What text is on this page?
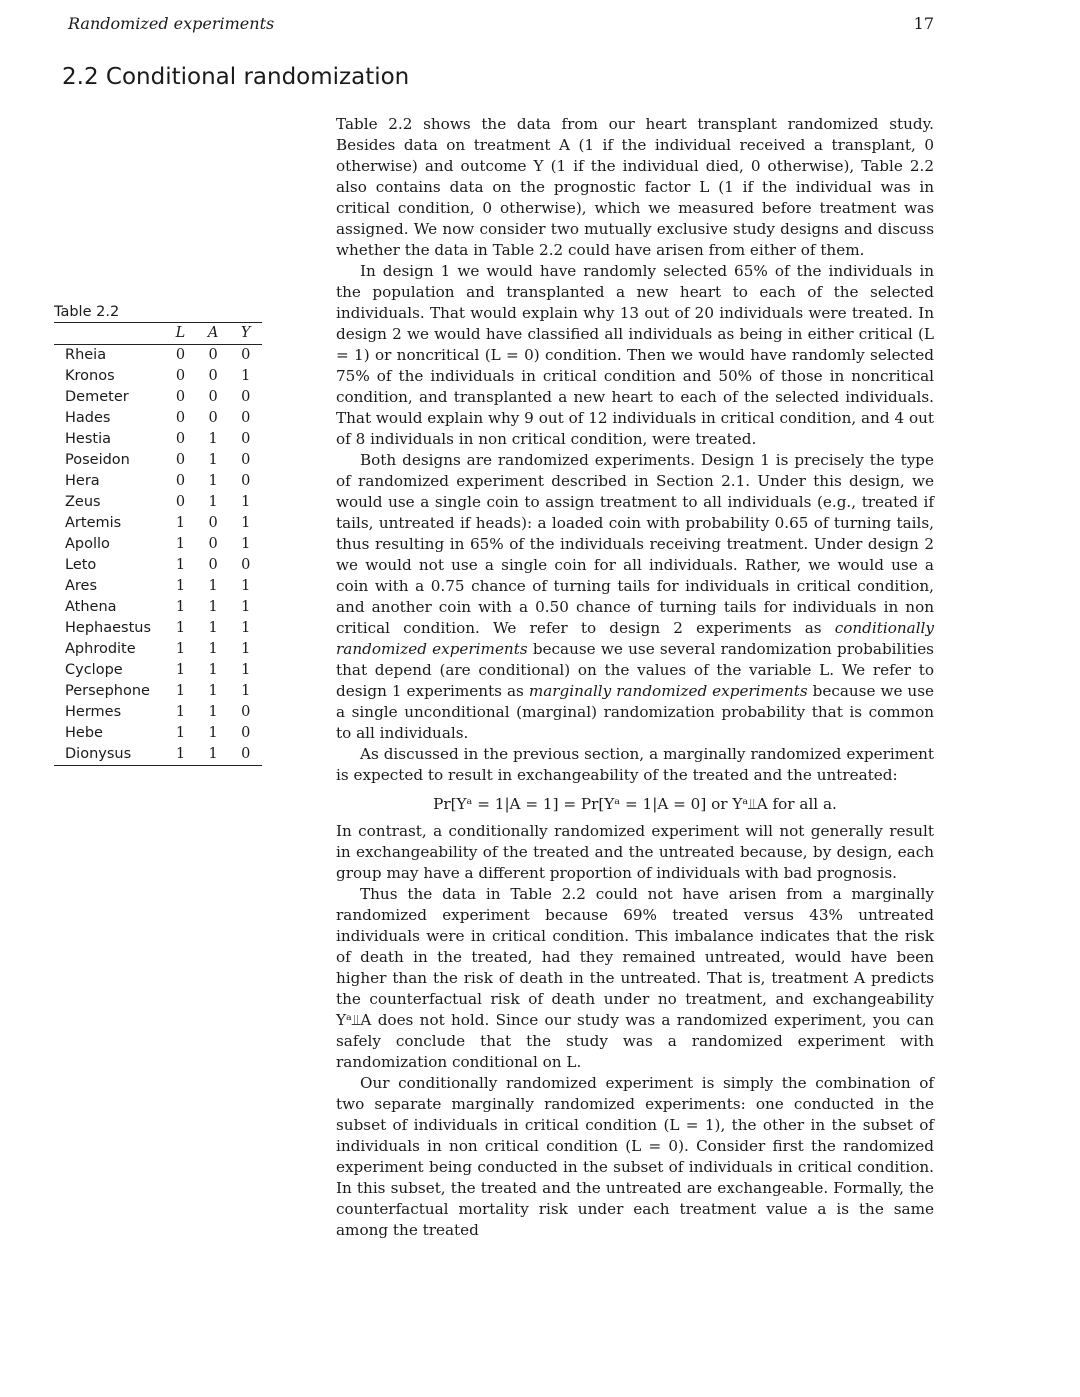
Randomized experiments	17
2.2 Conditional randomization
Table 2.2
	L	A	Y
Rheia	0	0	0
Kronos	0	0	1
Demeter	0	0	0
Hades	0	0	0
Hestia	0	1	0
Poseidon	0	1	0
Hera	0	1	0
Zeus	0	1	1
Artemis	1	0	1
Apollo	1	0	1
Leto	1	0	0
Ares	1	1	1
Athena	1	1	1
Hephaestus	1	1	1
Aphrodite	1	1	1
Cyclope	1	1	1
Persephone	1	1	1
Hermes	1	1	0
Hebe	1	1	0
Dionysus	1	1	0

Table 2.2 shows the data from our heart transplant randomized study. Besides data on treatment A (1 if the individual received a transplant, 0 otherwise) and outcome Y (1 if the individual died, 0 otherwise), Table 2.2 also contains data on the prognostic factor L (1 if the individual was in critical condition, 0 otherwise), which we measured before treatment was assigned. We now consider two mutually exclusive study designs and discuss whether the data in Table 2.2 could have arisen from either of them.

In design 1 we would have randomly selected 65% of the individuals in the population and transplanted a new heart to each of the selected individuals. That would explain why 13 out of 20 individuals were treated. In design 2 we would have classified all individuals as being in either critical (L = 1) or noncritical (L = 0) condition. Then we would have randomly selected 75% of the individuals in critical condition and 50% of those in noncritical condition, and transplanted a new heart to each of the selected individuals. That would explain why 9 out of 12 individuals in critical condition, and 4 out of 8 individuals in non critical condition, were treated.

Both designs are randomized experiments. Design 1 is precisely the type of randomized experiment described in Section 2.1. Under this design, we would use a single coin to assign treatment to all individuals (e.g., treated if tails, untreated if heads): a loaded coin with probability 0.65 of turning tails, thus resulting in 65% of the individuals receiving treatment. Under design 2 we would not use a single coin for all individuals. Rather, we would use a coin with a 0.75 chance of turning tails for individuals in critical condition, and another coin with a 0.50 chance of turning tails for individuals in non critical condition. We refer to design 2 experiments as conditionally randomized experiments because we use several randomization probabilities that depend (are conditional) on the values of the variable L. We refer to design 1 experiments as marginally randomized experiments because we use a single unconditional (marginal) randomization probability that is common to all individuals.

As discussed in the previous section, a marginally randomized experiment is expected to result in exchangeability of the treated and the untreated:

Pr[Yᵃ = 1|A = 1] = Pr[Yᵃ = 1|A = 0] or Yᵃ⫫A for all a.

In contrast, a conditionally randomized experiment will not generally result in exchangeability of the treated and the untreated because, by design, each group may have a different proportion of individuals with bad prognosis.

Thus the data in Table 2.2 could not have arisen from a marginally randomized experiment because 69% treated versus 43% untreated individuals were in critical condition. This imbalance indicates that the risk of death in the treated, had they remained untreated, would have been higher than the risk of death in the untreated. That is, treatment A predicts the counterfactual risk of death under no treatment, and exchangeability Yᵃ⫫A does not hold. Since our study was a randomized experiment, you can safely conclude that the study was a randomized experiment with randomization conditional on L.

Our conditionally randomized experiment is simply the combination of two separate marginally randomized experiments: one conducted in the subset of individuals in critical condition (L = 1), the other in the subset of individuals in non critical condition (L = 0). Consider first the randomized experiment being conducted in the subset of individuals in critical condition. In this subset, the treated and the untreated are exchangeable. Formally, the counterfactual mortality risk under each treatment value a is the same among the treated
